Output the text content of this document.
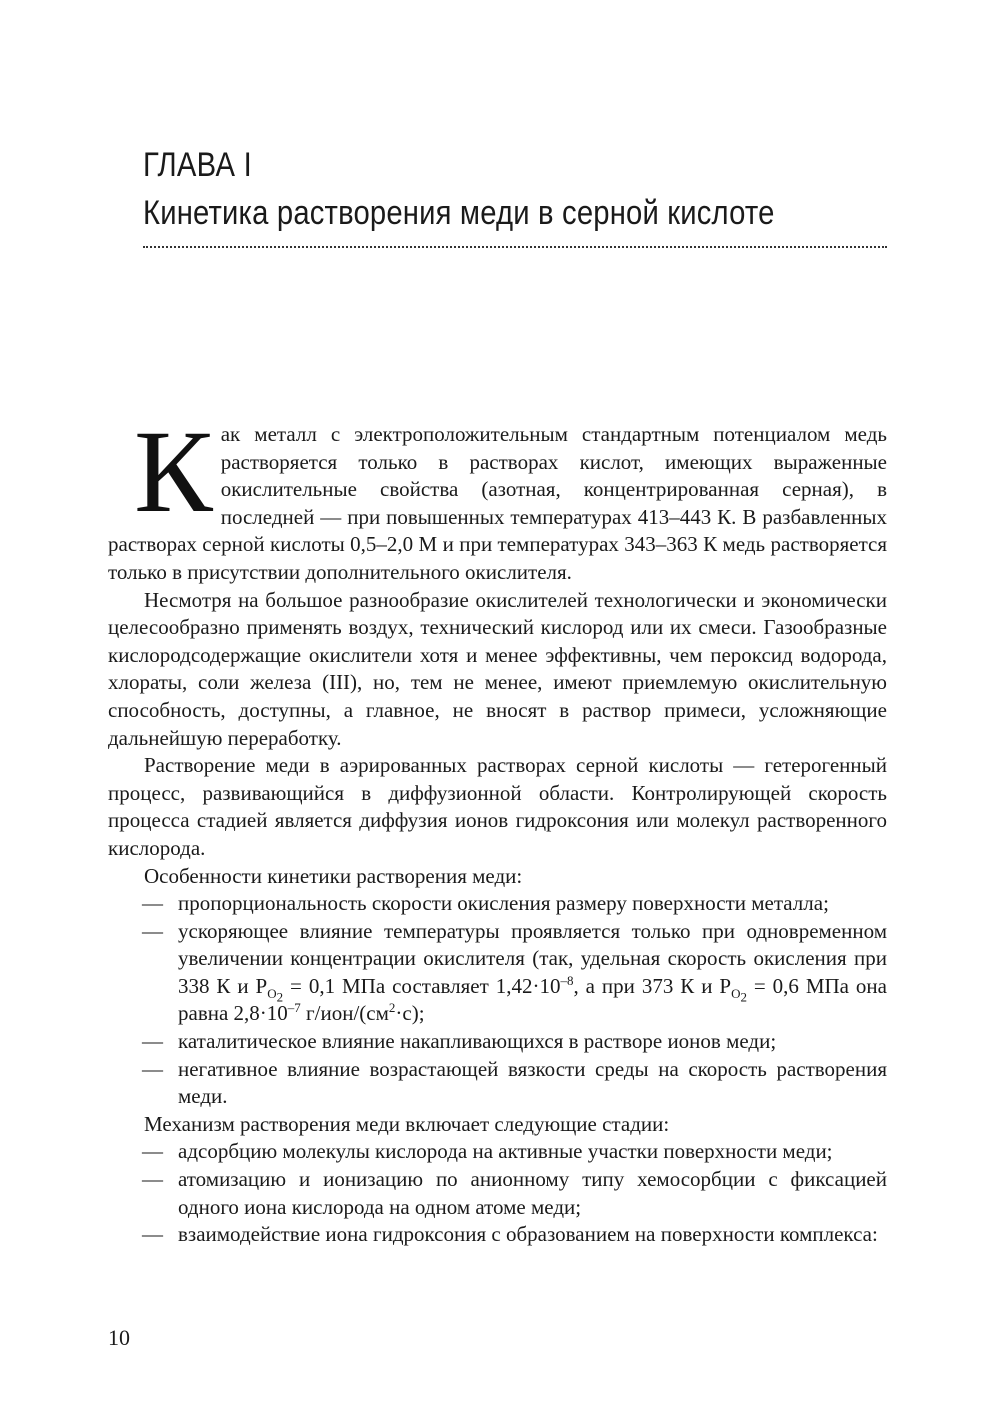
ГЛАВА I
Кинетика растворения меди в серной кислоте

Как металл с электроположительным стандартным потенциалом медь растворяется только в растворах кислот, имеющих выраженные окислительные свойства (азотная, концентрированная серная), в последней — при повышенных температурах 413–443 К. В разбавленных растворах серной кислоты 0,5–2,0 М и при температурах 343–363 К медь растворяется только в присутствии дополнительного окислителя.

Несмотря на большое разнообразие окислителей технологически и экономически целесообразно применять воздух, технический кислород или их смеси. Газообразные кислородсодержащие окислители хотя и менее эффективны, чем пероксид водорода, хлораты, соли железа (III), но, тем не менее, имеют приемлемую окислительную способность, доступны, а главное, не вносят в раствор примеси, усложняющие дальнейшую переработку.

Растворение меди в аэрированных растворах серной кислоты — гетерогенный процесс, развивающийся в диффузионной области. Контролирующей скорость процесса стадией является диффузия ионов гидроксония или молекул растворенного кислорода.

Особенности кинетики растворения меди:

— пропорциональность скорости окисления размеру поверхности металла;
— ускоряющее влияние температуры проявляется только при одновременном увеличении концентрации окислителя (так, удельная скорость окисления при 338 К и $P_{O_2} = 0,1$ МПа составляет $1,42\cdot 10^{-8}$, а при 373 К и $P_{O_2} = 0,6$ МПа она равна $2,8\cdot 10^{-7}$ $г/ион/(см^2\cdot с)$;
— каталитическое влияние накапливающихся в растворе ионов меди;
— негативное влияние возрастающей вязкости среды на скорость растворения меди.

Механизм растворения меди включает следующие стадии:

— адсорбцию молекулы кислорода на активные участки поверхности меди;
— атомизацию и ионизацию по анионному типу хемосорбции с фиксацией одного иона кислорода на одном атоме меди;
— взаимодействие иона гидроксония с образованием на поверхности комплекса:
10
